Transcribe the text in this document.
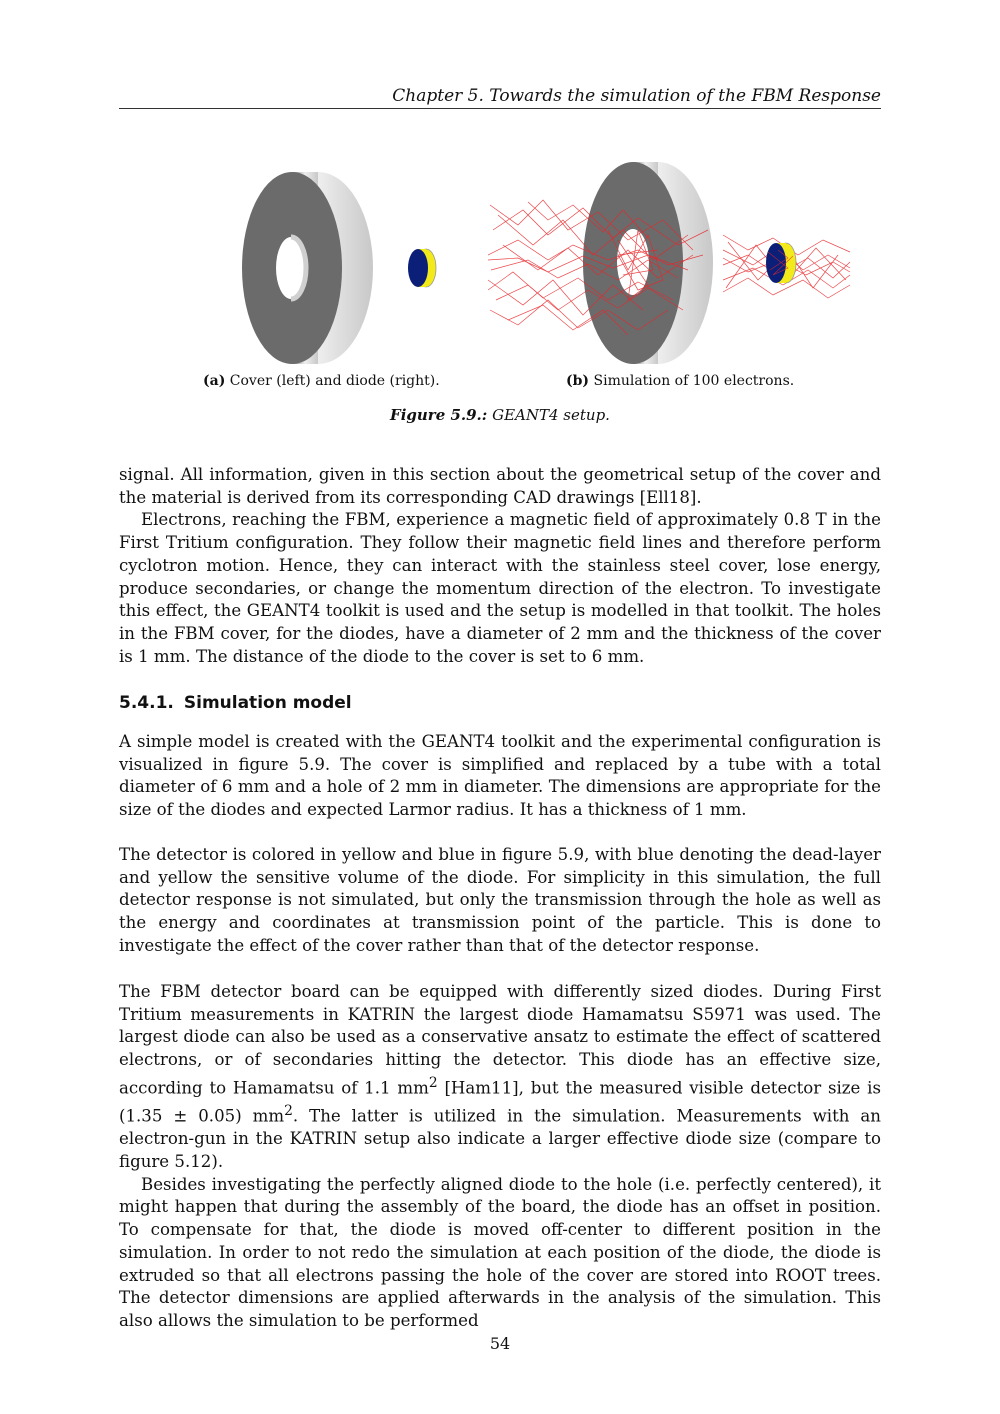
Chapter 5. Towards the simulation of the FBM Response
(a) Cover (left) and diode (right).	(b) Simulation of 100 electrons.
Figure 5.9.: GEANT4 setup.

signal. All information, given in this section about the geometrical setup of the cover and the material is derived from its corresponding CAD drawings [Ell18].

Electrons, reaching the FBM, experience a magnetic field of approximately 0.8 T in the First Tritium configuration. They follow their magnetic field lines and therefore perform cyclotron motion. Hence, they can interact with the stainless steel cover, lose energy, produce secondaries, or change the momentum direction of the electron. To investigate this effect, the GEANT4 toolkit is used and the setup is modelled in that toolkit. The holes in the FBM cover, for the diodes, have a diameter of 2 mm and the thickness of the cover is 1 mm. The distance of the diode to the cover is set to 6 mm.

5.4.1. Simulation model

A simple model is created with the GEANT4 toolkit and the experimental configuration is visualized in figure 5.9. The cover is simplified and replaced by a tube with a total diameter of 6 mm and a hole of 2 mm in diameter. The dimensions are appropriate for the size of the diodes and expected Larmor radius. It has a thickness of 1 mm.

The detector is colored in yellow and blue in figure 5.9, with blue denoting the dead-layer and yellow the sensitive volume of the diode. For simplicity in this simulation, the full detector response is not simulated, but only the transmission through the hole as well as the energy and coordinates at transmission point of the particle. This is done to investigate the effect of the cover rather than that of the detector response.

The FBM detector board can be equipped with differently sized diodes. During First Tritium measurements in KATRIN the largest diode Hamamatsu S5971 was used. The largest diode can also be used as a conservative ansatz to estimate the effect of scattered electrons, or of secondaries hitting the detector. This diode has an effective size, according to Hamamatsu of 1.1 $mm^2$ [Ham11], but the measured visible detector size is (1.35 ± 0.05) $mm^2$. The latter is utilized in the simulation. Measurements with an electron-gun in the KATRIN setup also indicate a larger effective diode size (compare to figure 5.12).

Besides investigating the perfectly aligned diode to the hole (i.e. perfectly centered), it might happen that during the assembly of the board, the diode has an offset in position. To compensate for that, the diode is moved off-center to different position in the simulation. In order to not redo the simulation at each position of the diode, the diode is extruded so that all electrons passing the hole of the cover are stored into ROOT trees. The detector dimensions are applied afterwards in the analysis of the simulation. This also allows the simulation to be performed

54
